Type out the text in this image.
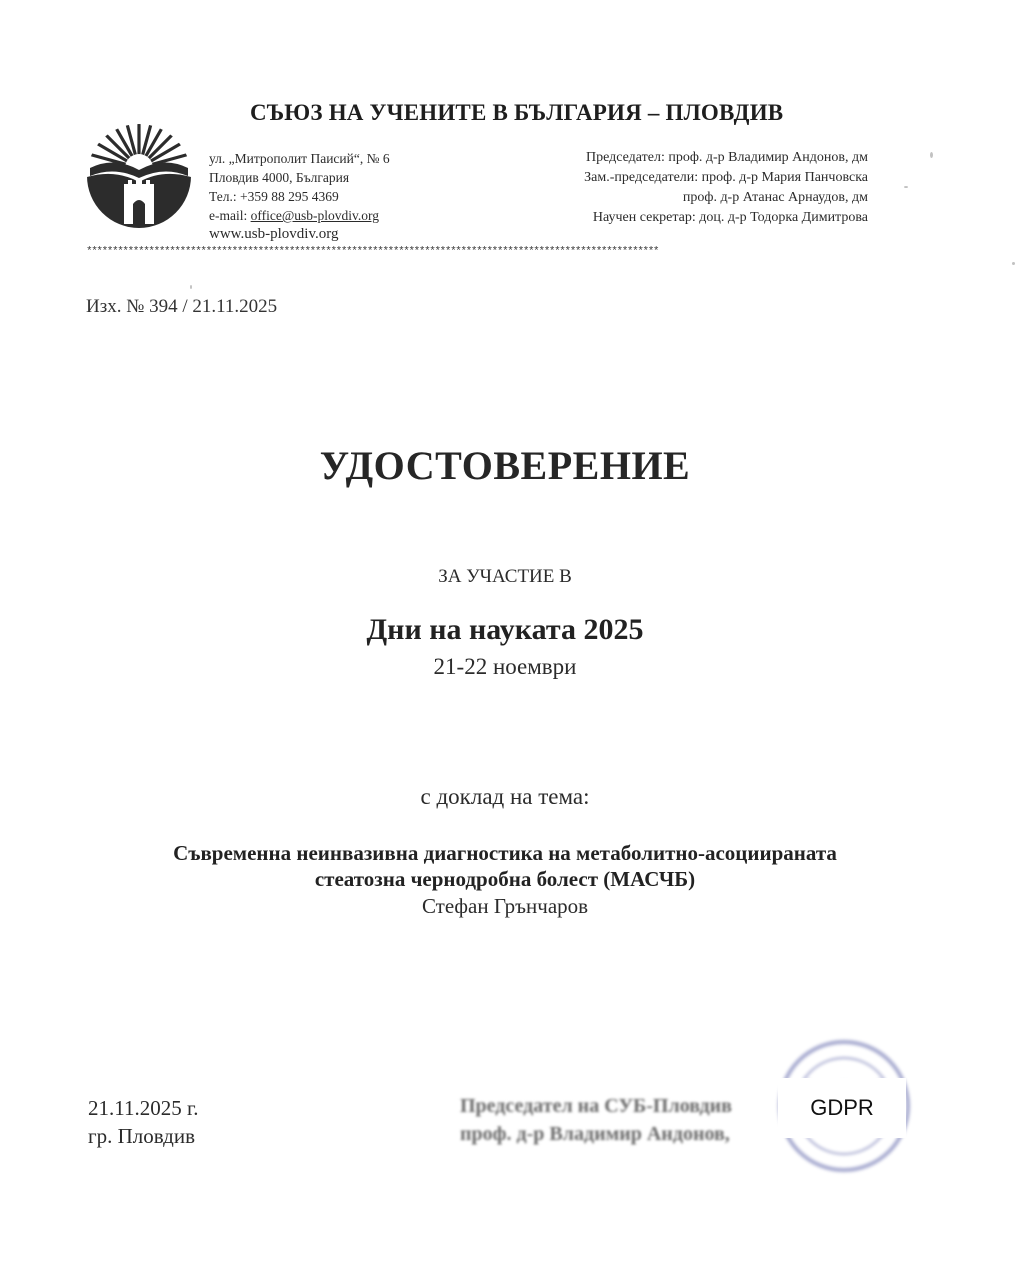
СЪЮЗ НА УЧЕНИТЕ В БЪЛГАРИЯ – ПЛОВДИВ
ул. „Митрополит Паисий“, № 6
Пловдив 4000, България
Тел.: +359 88 295 4369
e-mail: office@usb-plovdiv.org
www.usb-plovdiv.org
Председател: проф. д-р Владимир Андонов, дм
Зам.-председатели: проф. д-р Мария Панчовска
проф. д-р Атанас Арнаудов, дм
Научен секретар: доц. д-р Тодорка Димитрова
**************************************************************************************************************
Изх. № 394 / 21.11.2025
УДОСТОВЕРЕНИЕ
ЗА УЧАСТИЕ В
Дни на науката 2025
21-22 ноември
с доклад на тема:
Съвременна неинвазивна диагностика на метаболитно-асоциираната
стеатозна чернодробна болест (МАСЧБ)
Стефан Грънчаров
21.11.2025 г.
гр. Пловдив
Председател на СУБ-Пловдив
проф. д-р Владимир Андонов,
GDPR
